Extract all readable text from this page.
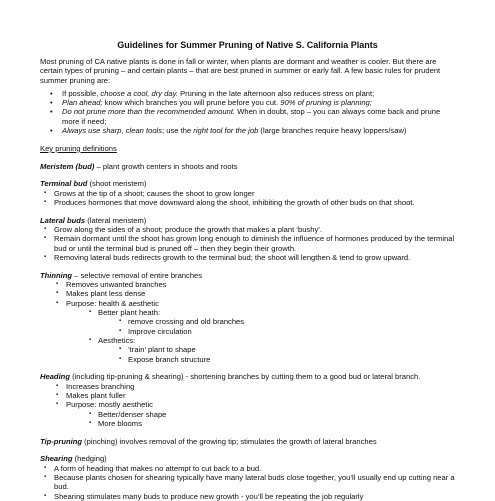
Guidelines for Summer Pruning of Native S. California Plants

Most pruning of CA native plants is done in fall or winter, when plants are dormant and weather is cooler. But there are certain types of pruning – and certain plants – that are best pruned in summer or early fall. A few basic rules for prudent summer pruning are:

• If possible, choose a cool, dry day. Pruning in the late afternoon also reduces stress on plant;
• Plan ahead; know which branches you will prune before you cut. 90% of pruning is planning;
• Do not prune more than the recommended amount. When in doubt, stop – you can always come back and prune more if need;
• Always use sharp, clean tools; use the right tool for the job (large branches require heavy loppers/saw)

Key pruning definitions

Meristem (bud) – plant growth centers in shoots and roots

Terminal bud (shoot meristem)

▪ Grows at the tip of a shoot; causes the shoot to grow longer
▪ Produces hormones that move downward along the shoot, inhibiting the growth of other buds on that shoot.

Lateral buds (lateral meristem)

▪ Grow along the sides of a shoot; produce the growth that makes a plant ‘bushy’.
▪ Remain dormant until the shoot has grown long enough to diminish the influence of hormones produced by the terminal bud or until the terminal bud is pruned off – then they begin their growth.
▪ Removing lateral buds redirects growth to the terminal bud; the shoot will lengthen & tend to grow upward.

Thinning – selective removal of entire branches

▪ Removes unwanted branches
▪ Makes plant less dense
▪ Purpose: health & aesthetic
▪ Better plant heath:
▪ remove crossing and old branches
▪ Improve circulation
▪ Aesthetics:
▪ ‘train’ plant to shape
▪ Expose branch structure

Heading (including tip-pruning & shearing) - shortening branches by cutting them to a good bud or lateral branch.

▪ Increases branching
▪ Makes plant fuller
▪ Purpose: mostly aesthetic
▪ Better/denser shape
▪ More blooms

Tip-pruning (pinching) involves removal of the growing tip; stimulates the growth of lateral branches

Shearing (hedging)

▪ A form of heading that makes no attempt to cut back to a bud.
▪ Because plants chosen for shearing typically have many lateral buds close together, you’ll usually end up cutting near a bud.
▪ Shearing stimulates many buds to produce new growth - you’ll be repeating the job regularly
